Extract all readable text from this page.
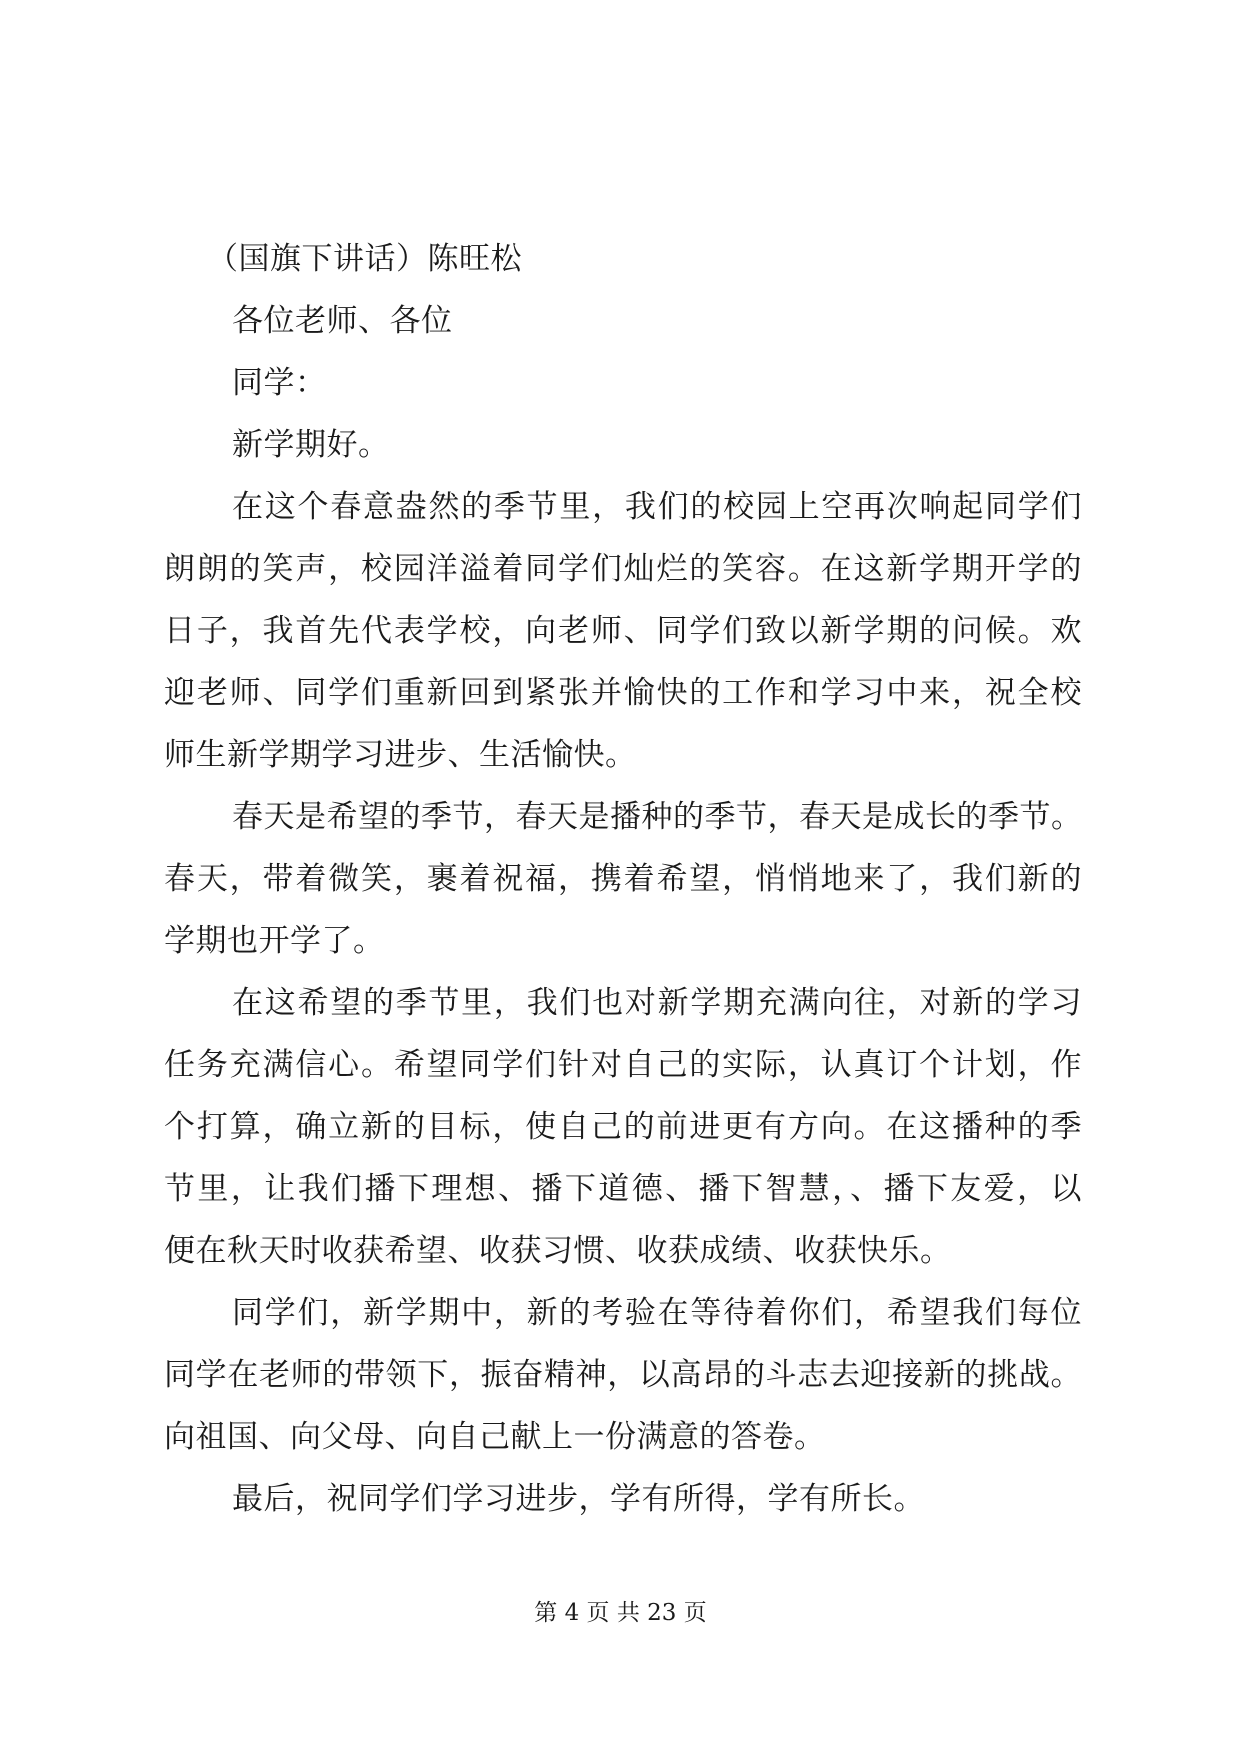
（国旗下讲话）陈旺松
各位老师、各位
同学：
新学期好。
在这个春意盎然的季节里，我们的校园上空再次响起同学们
朗朗的笑声，校园洋溢着同学们灿烂的笑容。在这新学期开学的
日子，我首先代表学校，向老师、同学们致以新学期的问候。欢
迎老师、同学们重新回到紧张并愉快的工作和学习中来，祝全校
师生新学期学习进步、生活愉快。
春天是希望的季节，春天是播种的季节，春天是成长的季节。
春天，带着微笑，裹着祝福，携着希望，悄悄地来了，我们新的
学期也开学了。
在这希望的季节里，我们也对新学期充满向往，对新的学习
任务充满信心。希望同学们针对自己的实际，认真订个计划，作
个打算，确立新的目标，使自己的前进更有方向。在这播种的季
节里，让我们播下理想、播下道德、播下智慧，、播下友爱，以
便在秋天时收获希望、收获习惯、收获成绩、收获快乐。
同学们，新学期中，新的考验在等待着你们，希望我们每位
同学在老师的带领下，振奋精神，以高昂的斗志去迎接新的挑战。
向祖国、向父母、向自己献上一份满意的答卷。
最后，祝同学们学习进步，学有所得，学有所长。
第 4 页 共 23 页
